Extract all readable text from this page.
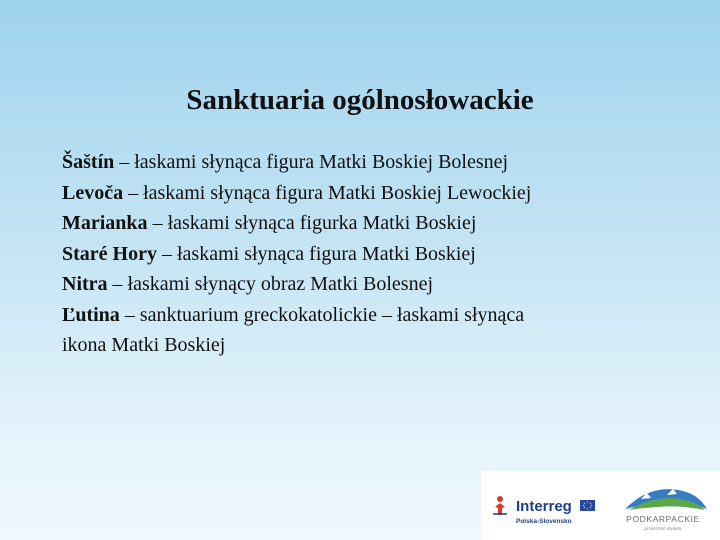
Sanktuaria ogólnosłowackie
Šaštín – łaskami słynąca figura Matki Boskiej Bolesnej
Levoča – łaskami słynąca figura Matki Boskiej Lewockiej
Marianka – łaskami słynąca figurka Matki Boskiej
Staré Hory – łaskami słynąca figura Matki Boskiej
Nitra – łaskami słynący obraz Matki Bolesnej
Ľutina – sanktuarium greckokatolickie – łaskami słynąca
ikona Matki Boskiej
Interreg
Polska-Slovensko	PODKARPACKIE
przestrzeń otwarta
